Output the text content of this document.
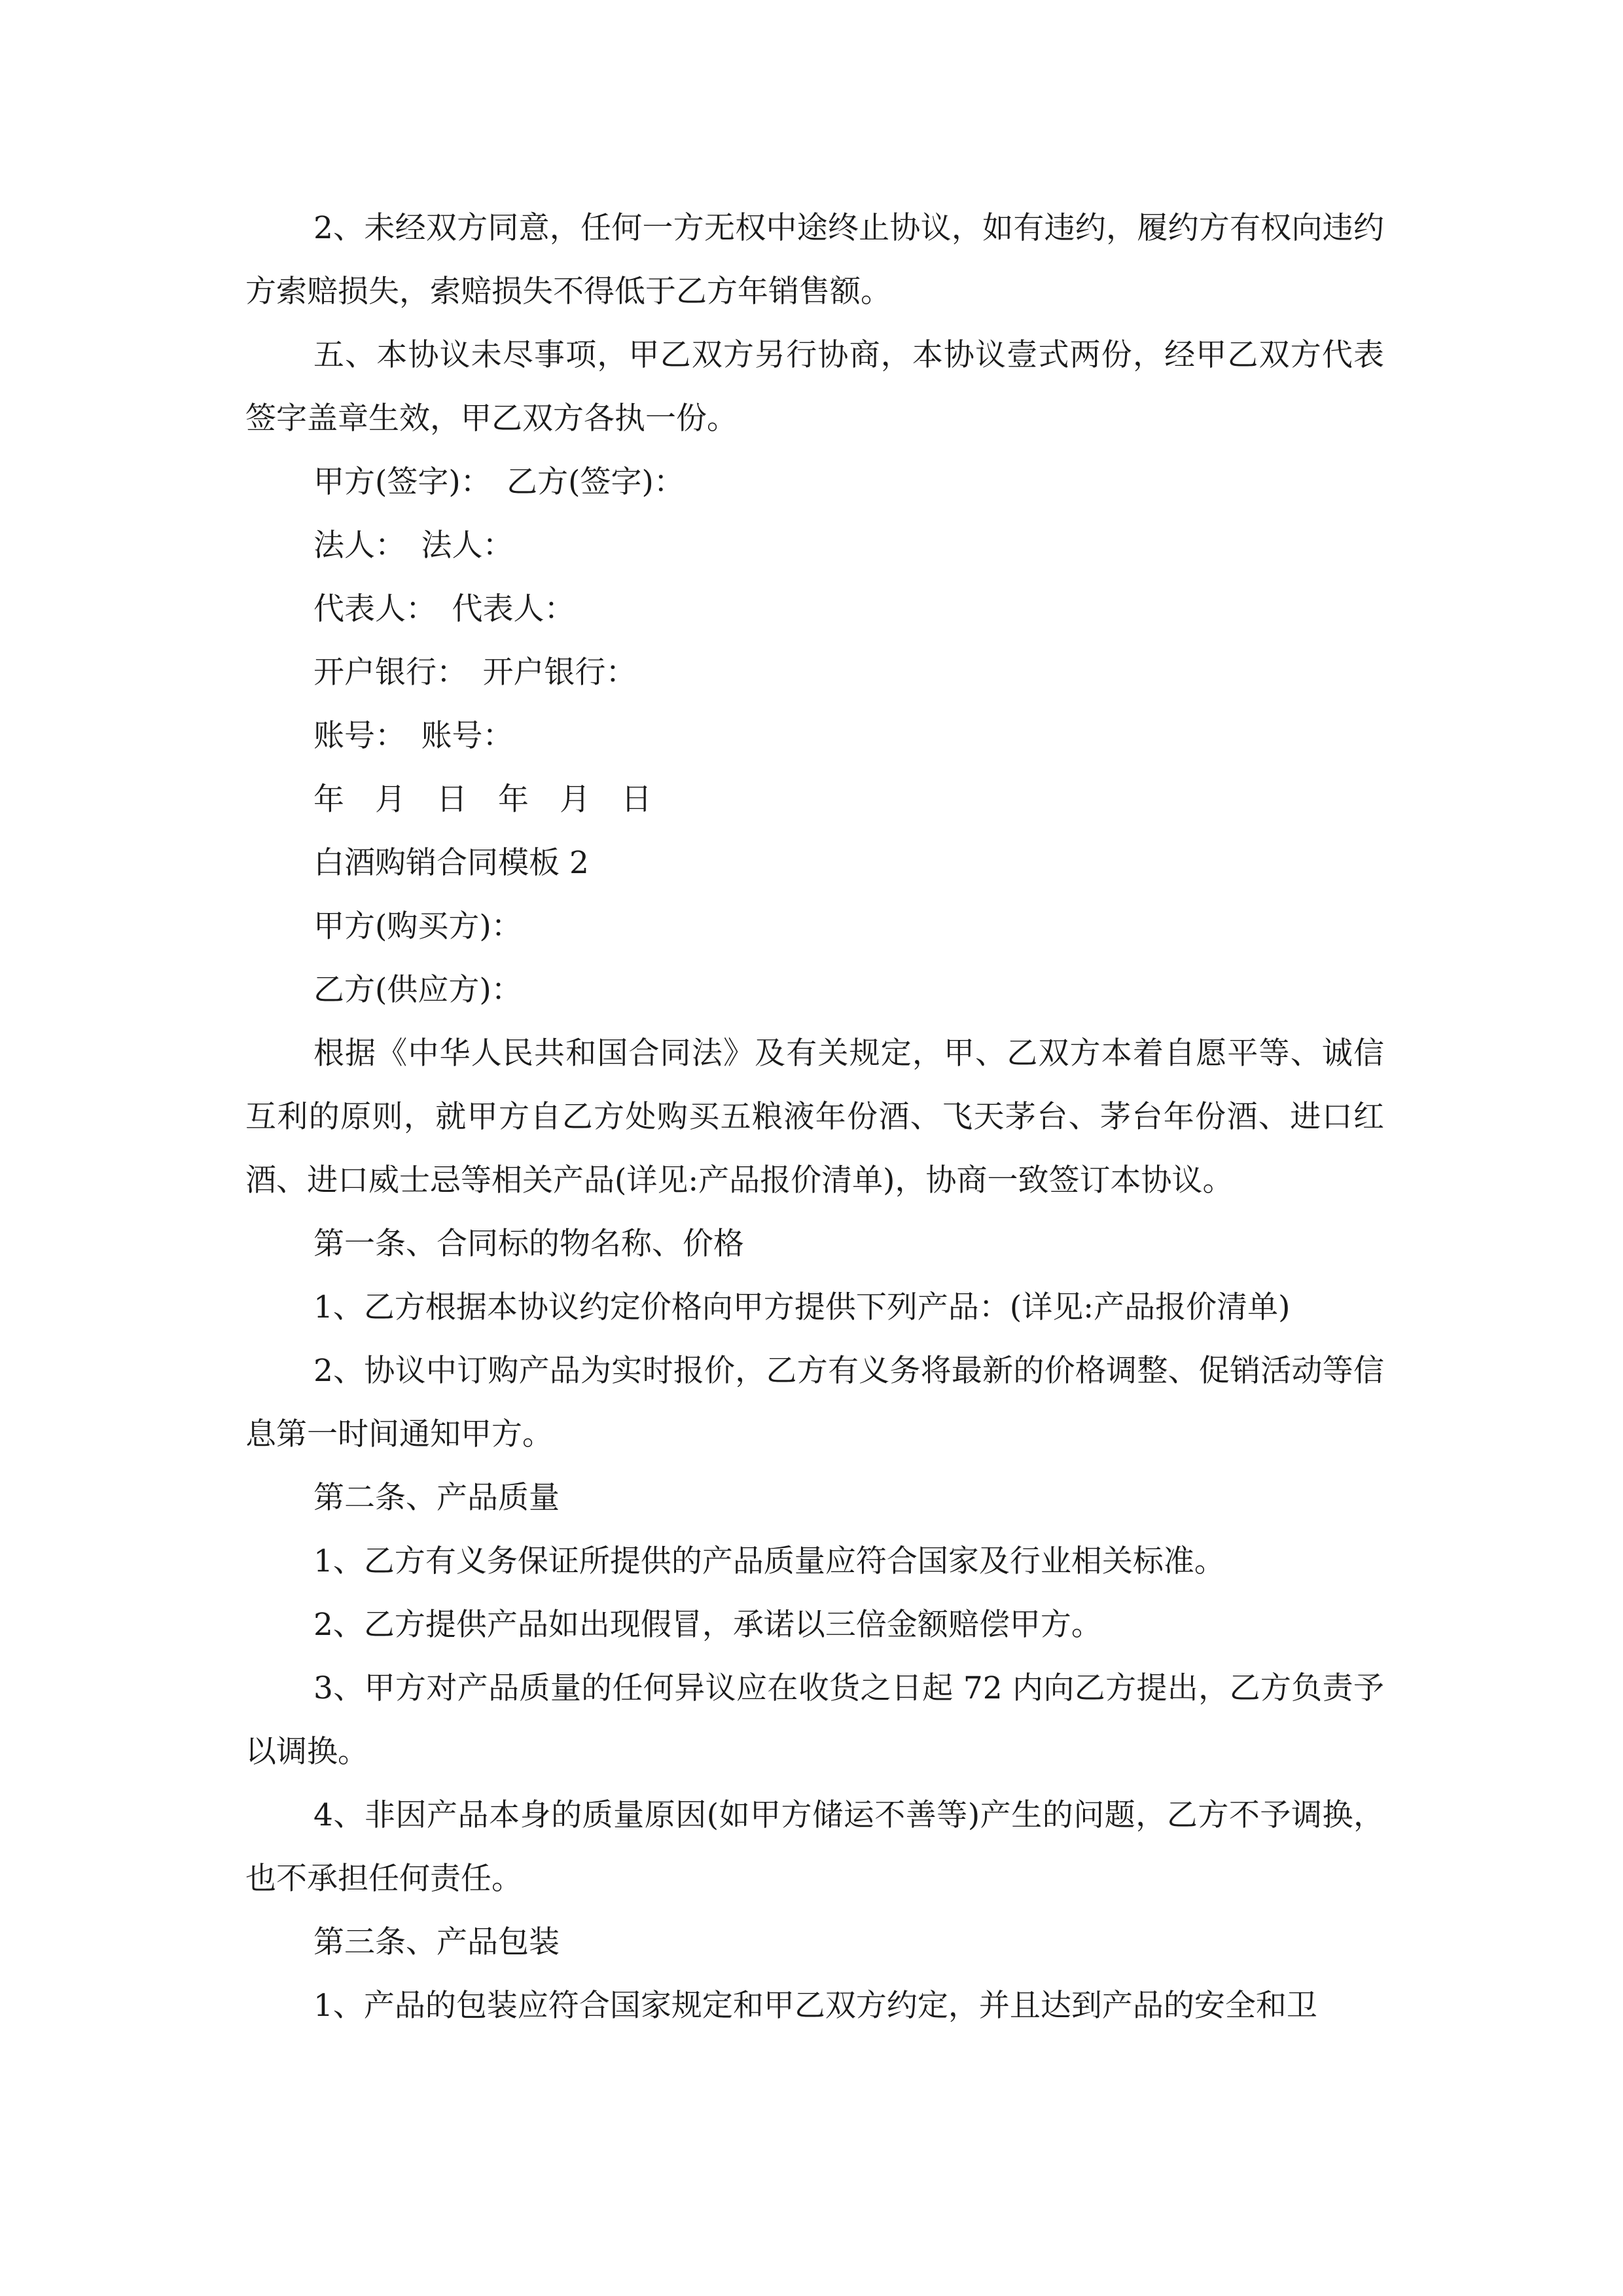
2、未经双方同意，任何一方无权中途终止协议，如有违约，履约方有权向违约方索赔损失，索赔损失不得低于乙方年销售额。

五、本协议未尽事项，甲乙双方另行协商，本协议壹式两份，经甲乙双方代表签字盖章生效，甲乙双方各执一份。

甲方(签字)：　乙方(签字)：

法人：　法人：

代表人：　代表人：

开户银行：　开户银行：

账号：　账号：

年　月　日　年　月　日

白酒购销合同模板 2

甲方(购买方)：

乙方(供应方)：

根据《中华人民共和国合同法》及有关规定，甲、乙双方本着自愿平等、诚信互利的原则，就甲方自乙方处购买五粮液年份酒、飞天茅台、茅台年份酒、进口红酒、进口威士忌等相关产品(详见:产品报价清单)，协商一致签订本协议。

第一条、合同标的物名称、价格

1、乙方根据本协议约定价格向甲方提供下列产品：(详见:产品报价清单)

2、协议中订购产品为实时报价，乙方有义务将最新的价格调整、促销活动等信息第一时间通知甲方。

第二条、产品质量

1、乙方有义务保证所提供的产品质量应符合国家及行业相关标准。

2、乙方提供产品如出现假冒，承诺以三倍金额赔偿甲方。

3、甲方对产品质量的任何异议应在收货之日起 72 内向乙方提出，乙方负责予以调换。

4、非因产品本身的质量原因(如甲方储运不善等)产生的问题，乙方不予调换，也不承担任何责任。

第三条、产品包装

1、产品的包装应符合国家规定和甲乙双方约定，并且达到产品的安全和卫
